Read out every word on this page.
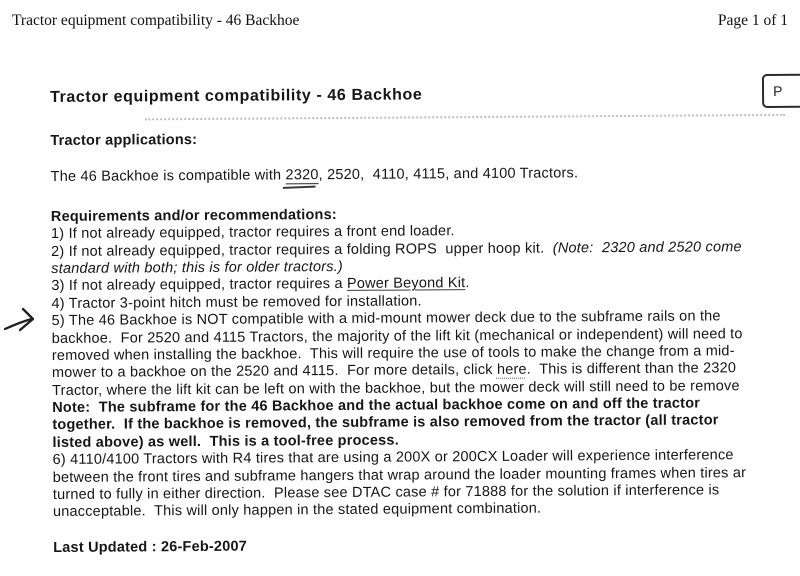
Tractor equipment compatibility - 46 Backhoe	Page 1 of 1
P
Tractor equipment compatibility - 46 Backhoe
Tractor applications:
The 46 Backhoe is compatible with 2320, 2520,  4110, 4115, and 4100 Tractors.
Requirements and/or recommendations:
1) If not already equipped, tractor requires a front end loader.
2) If not already equipped, tractor requires a folding ROPS  upper hoop kit.  (Note:  2320 and 2520 come
standard with both; this is for older tractors.)
3) If not already equipped, tractor requires a Power Beyond Kit.
4) Tractor 3-point hitch must be removed for installation.
5) The 46 Backhoe is NOT compatible with a mid-mount mower deck due to the subframe rails on the
backhoe.  For 2520 and 4115 Tractors, the majority of the lift kit (mechanical or independent) will need to
removed when installing the backhoe.  This will require the use of tools to make the change from a mid-
mower to a backhoe on the 2520 and 4115.  For more details, click here.  This is different than the 2320
Tractor, where the lift kit can be left on with the backhoe, but the mower deck will still need to be remove
Note:  The subframe for the 46 Backhoe and the actual backhoe come on and off the tractor
together.  If the backhoe is removed, the subframe is also removed from the tractor (all tractor
listed above) as well.  This is a tool-free process.
6) 4110/4100 Tractors with R4 tires that are using a 200X or 200CX Loader will experience interference
between the front tires and subframe hangers that wrap around the loader mounting frames when tires ar
turned to fully in either direction.  Please see DTAC case # for 71888 for the solution if interference is
unacceptable.  This will only happen in the stated equipment combination.
Last Updated : 26-Feb-2007
